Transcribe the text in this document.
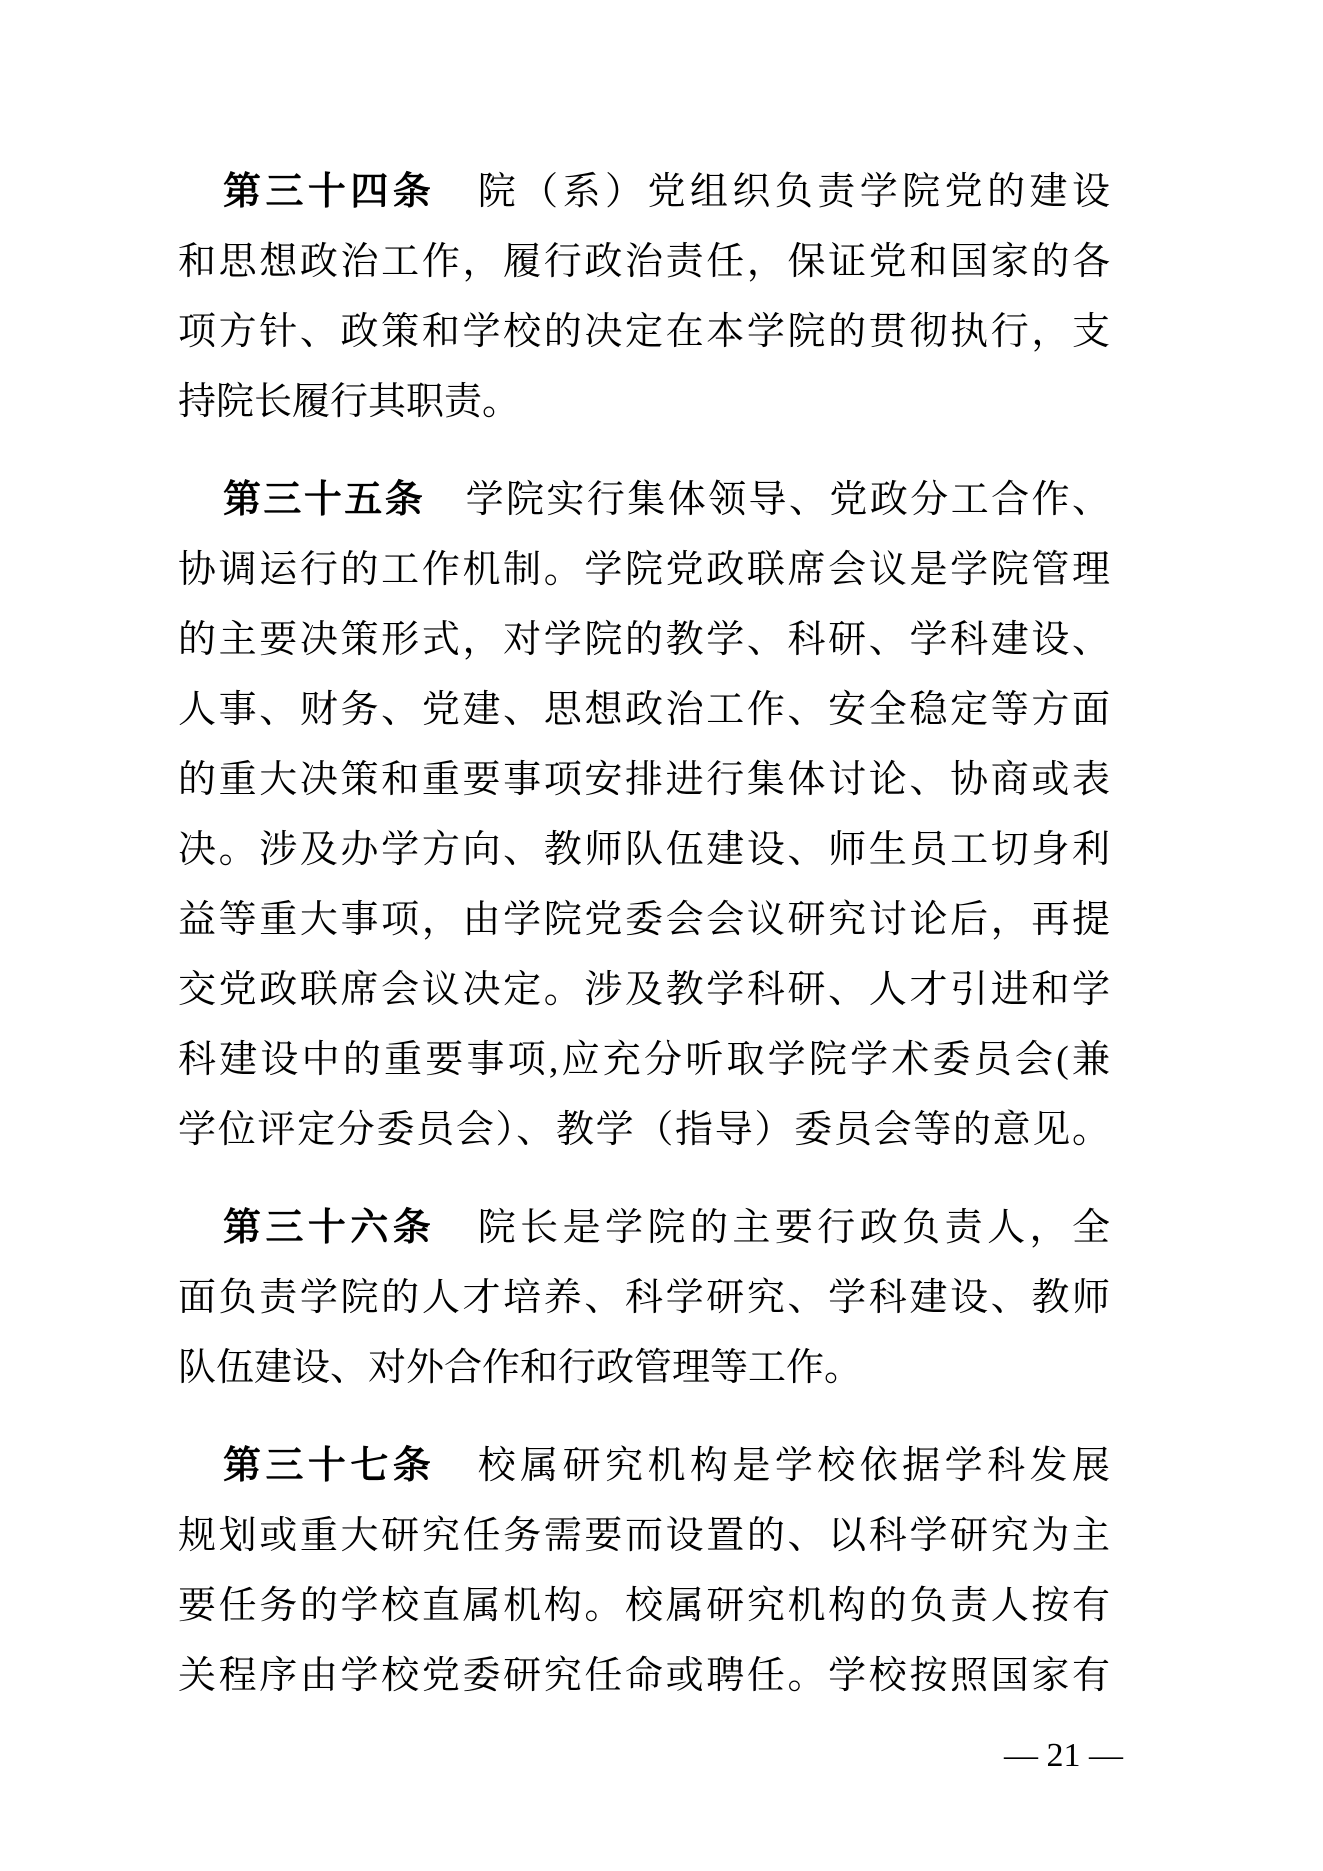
第三十四条　院（系）党组织负责学院党的建设
和思想政治工作，履行政治责任，保证党和国家的各
项方针、政策和学校的决定在本学院的贯彻执行，支
持院长履行其职责。
第三十五条　学院实行集体领导、党政分工合作、
协调运行的工作机制。学院党政联席会议是学院管理
的主要决策形式，对学院的教学、科研、学科建设、
人事、财务、党建、思想政治工作、安全稳定等方面
的重大决策和重要事项安排进行集体讨论、协商或表
决。涉及办学方向、教师队伍建设、师生员工切身利
益等重大事项，由学院党委会会议研究讨论后，再提
交党政联席会议决定。涉及教学科研、人才引进和学
科建设中的重要事项,应充分听取学院学术委员会(兼
学位评定分委员会）、教学（指导）委员会等的意见。
第三十六条　院长是学院的主要行政负责人，全
面负责学院的人才培养、科学研究、学科建设、教师
队伍建设、对外合作和行政管理等工作。
第三十七条　校属研究机构是学校依据学科发展
规划或重大研究任务需要而设置的、以科学研究为主
要任务的学校直属机构。校属研究机构的负责人按有
关程序由学校党委研究任命或聘任。学校按照国家有
— 21 —
